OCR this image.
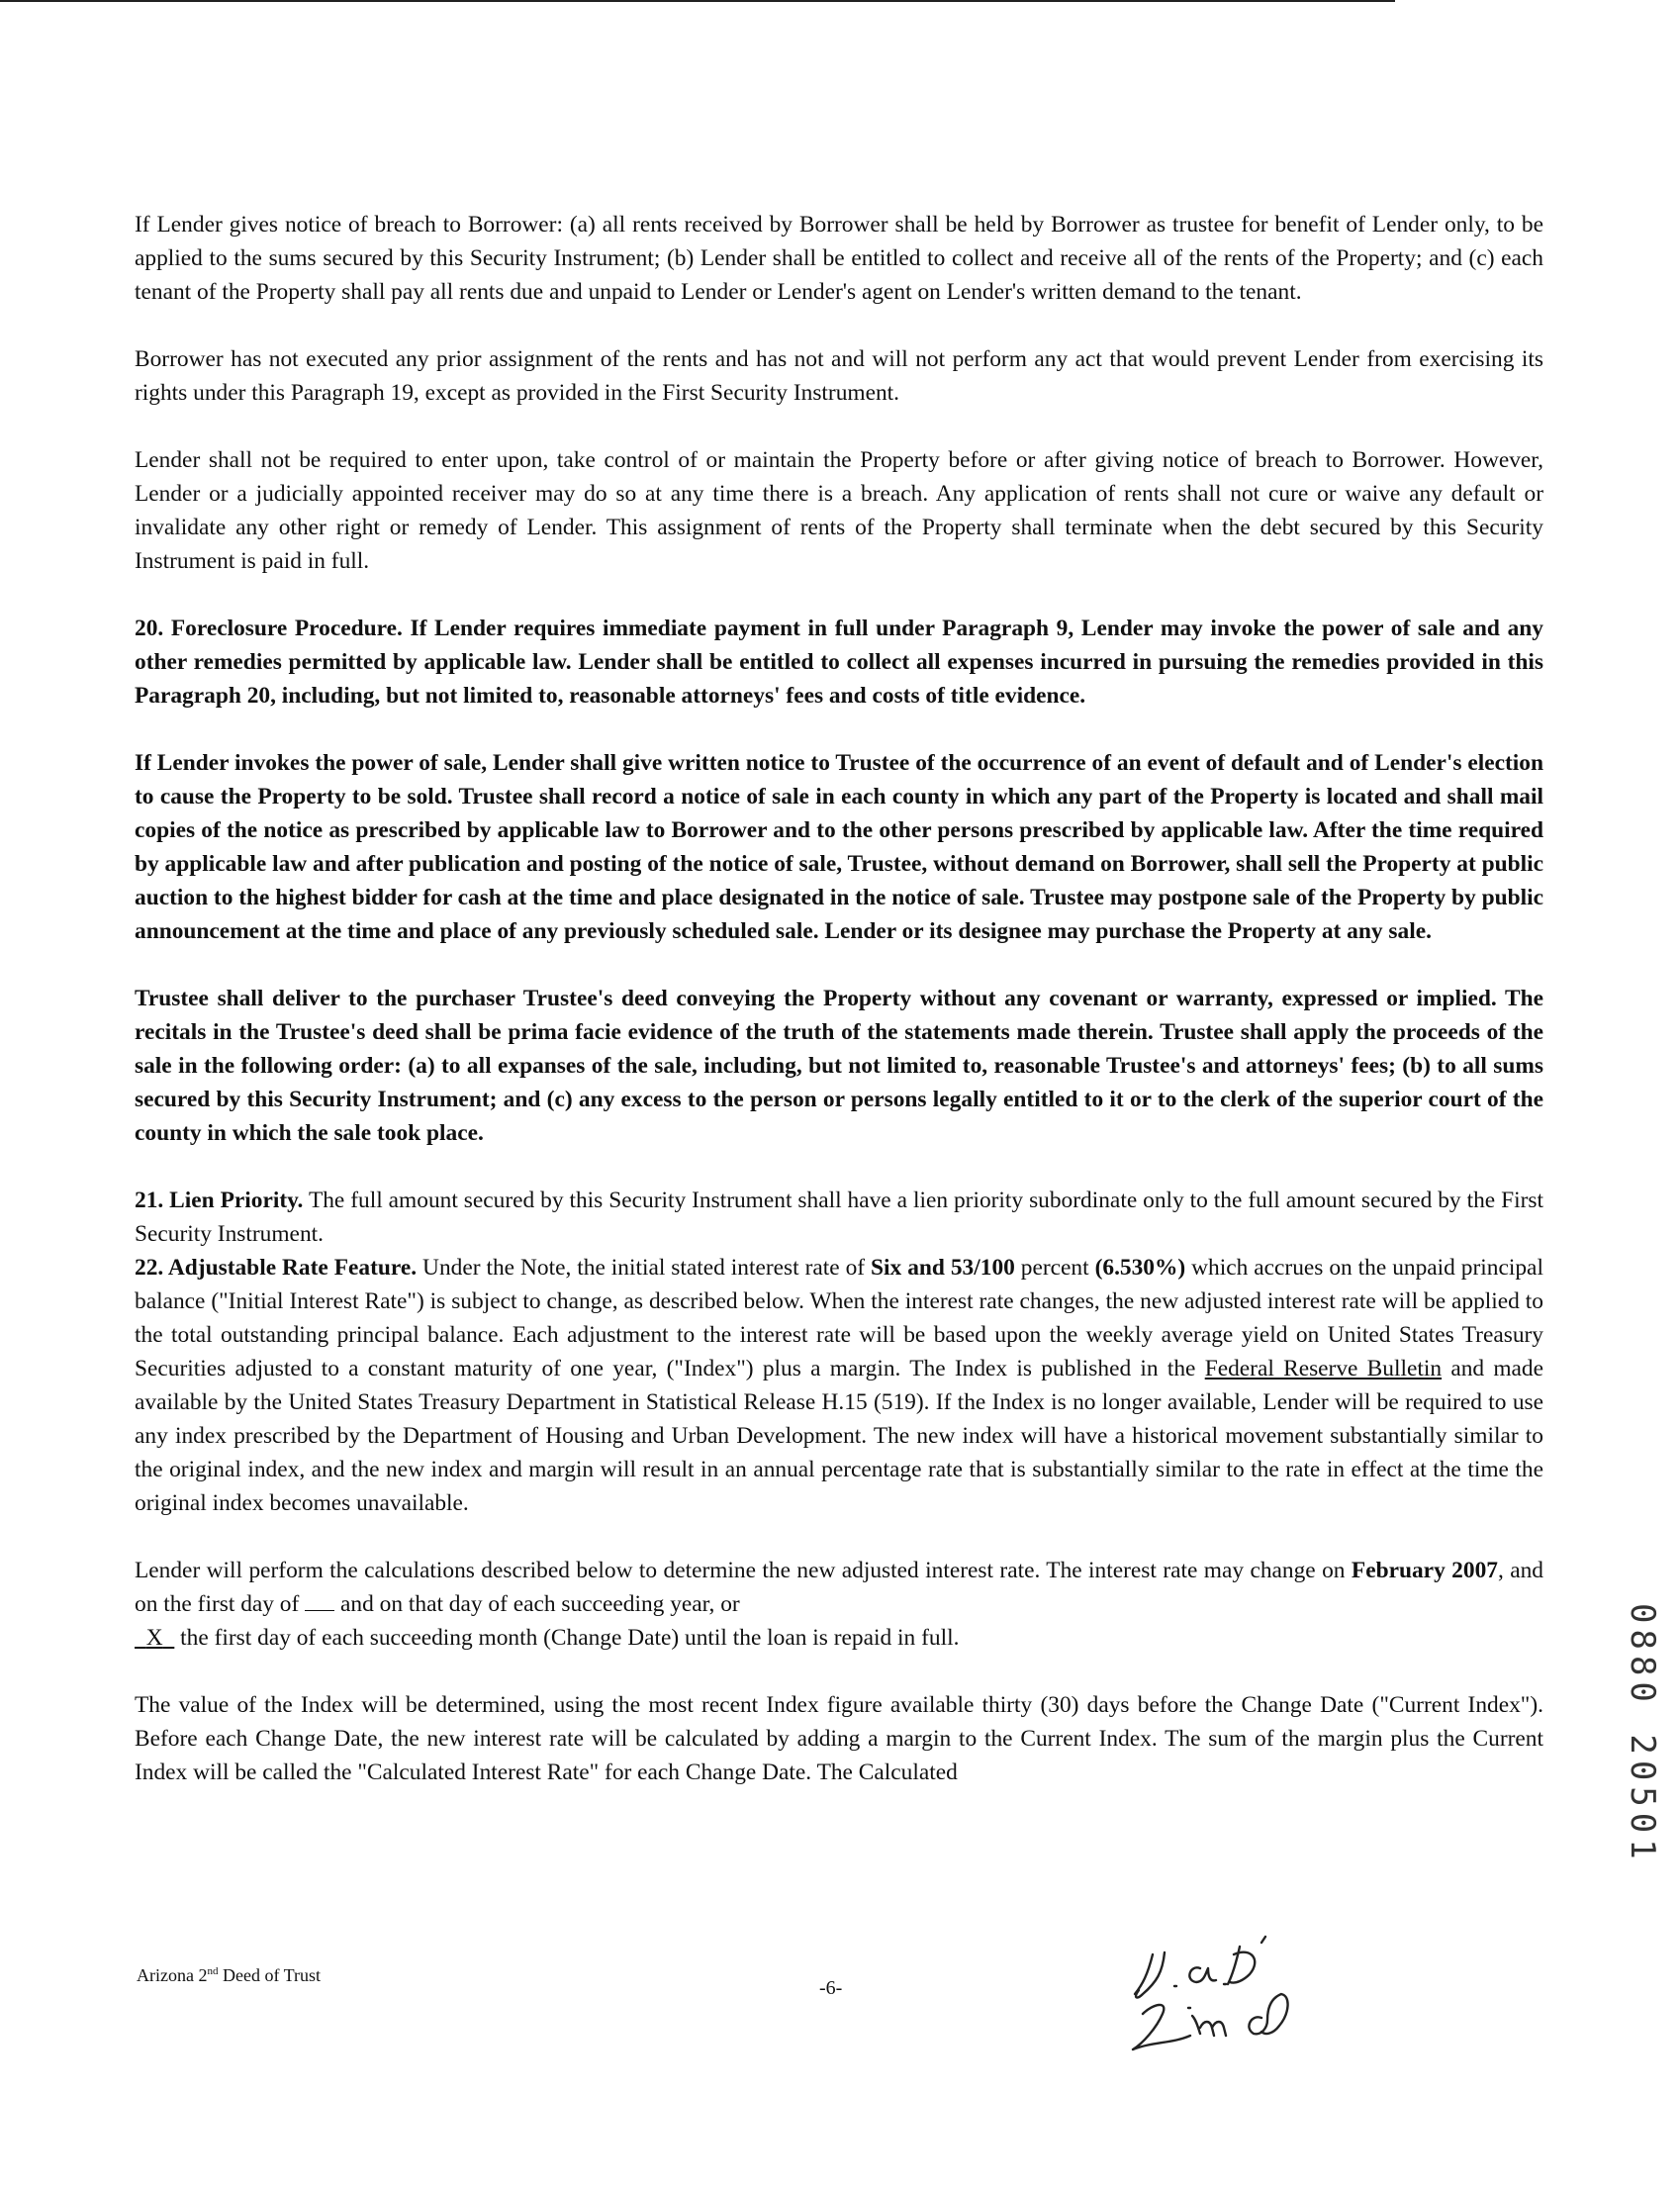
If Lender gives notice of breach to Borrower: (a) all rents received by Borrower shall be held by Borrower as trustee for benefit of Lender only, to be applied to the sums secured by this Security Instrument; (b) Lender shall be entitled to collect and receive all of the rents of the Property; and (c) each tenant of the Property shall pay all rents due and unpaid to Lender or Lender's agent on Lender's written demand to the tenant.

Borrower has not executed any prior assignment of the rents and has not and will not perform any act that would prevent Lender from exercising its rights under this Paragraph 19, except as provided in the First Security Instrument.

Lender shall not be required to enter upon, take control of or maintain the Property before or after giving notice of breach to Borrower. However, Lender or a judicially appointed receiver may do so at any time there is a breach. Any application of rents shall not cure or waive any default or invalidate any other right or remedy of Lender. This assignment of rents of the Property shall terminate when the debt secured by this Security Instrument is paid in full.

20. Foreclosure Procedure. If Lender requires immediate payment in full under Paragraph 9, Lender may invoke the power of sale and any other remedies permitted by applicable law. Lender shall be entitled to collect all expenses incurred in pursuing the remedies provided in this Paragraph 20, including, but not limited to, reasonable attorneys' fees and costs of title evidence.

If Lender invokes the power of sale, Lender shall give written notice to Trustee of the occurrence of an event of default and of Lender's election to cause the Property to be sold. Trustee shall record a notice of sale in each county in which any part of the Property is located and shall mail copies of the notice as prescribed by applicable law to Borrower and to the other persons prescribed by applicable law. After the time required by applicable law and after publication and posting of the notice of sale, Trustee, without demand on Borrower, shall sell the Property at public auction to the highest bidder for cash at the time and place designated in the notice of sale. Trustee may postpone sale of the Property by public announcement at the time and place of any previously scheduled sale. Lender or its designee may purchase the Property at any sale.

Trustee shall deliver to the purchaser Trustee's deed conveying the Property without any covenant or warranty, expressed or implied. The recitals in the Trustee's deed shall be prima facie evidence of the truth of the statements made therein. Trustee shall apply the proceeds of the sale in the following order: (a) to all expanses of the sale, including, but not limited to, reasonable Trustee's and attorneys' fees; (b) to all sums secured by this Security Instrument; and (c) any excess to the person or persons legally entitled to it or to the clerk of the superior court of the county in which the sale took place.

21. Lien Priority. The full amount secured by this Security Instrument shall have a lien priority subordinate only to the full amount secured by the First Security Instrument.

22. Adjustable Rate Feature. Under the Note, the initial stated interest rate of Six and 53/100 percent (6.530%) which accrues on the unpaid principal balance ("Initial Interest Rate") is subject to change, as described below. When the interest rate changes, the new adjusted interest rate will be applied to the total outstanding principal balance. Each adjustment to the interest rate will be based upon the weekly average yield on United States Treasury Securities adjusted to a constant maturity of one year, ("Index") plus a margin. The Index is published in the Federal Reserve Bulletin and made available by the United States Treasury Department in Statistical Release H.15 (519). If the Index is no longer available, Lender will be required to use any index prescribed by the Department of Housing and Urban Development. The new index will have a historical movement substantially similar to the original index, and the new index and margin will result in an annual percentage rate that is substantially similar to the rate in effect at the time the original index becomes unavailable.

Lender will perform the calculations described below to determine the new adjusted interest rate. The interest rate may change on February 2007, and on the first day of and on that day of each succeeding year, or
X the first day of each succeeding month (Change Date) until the loan is repaid in full.

The value of the Index will be determined, using the most recent Index figure available thirty (30) days before the Change Date ("Current Index"). Before each Change Date, the new interest rate will be calculated by adding a margin to the Current Index. The sum of the margin plus the Current Index will be called the "Calculated Interest Rate" for each Change Date. The Calculated

Arizona 2nd Deed of Trust
-6-
0880 20501
